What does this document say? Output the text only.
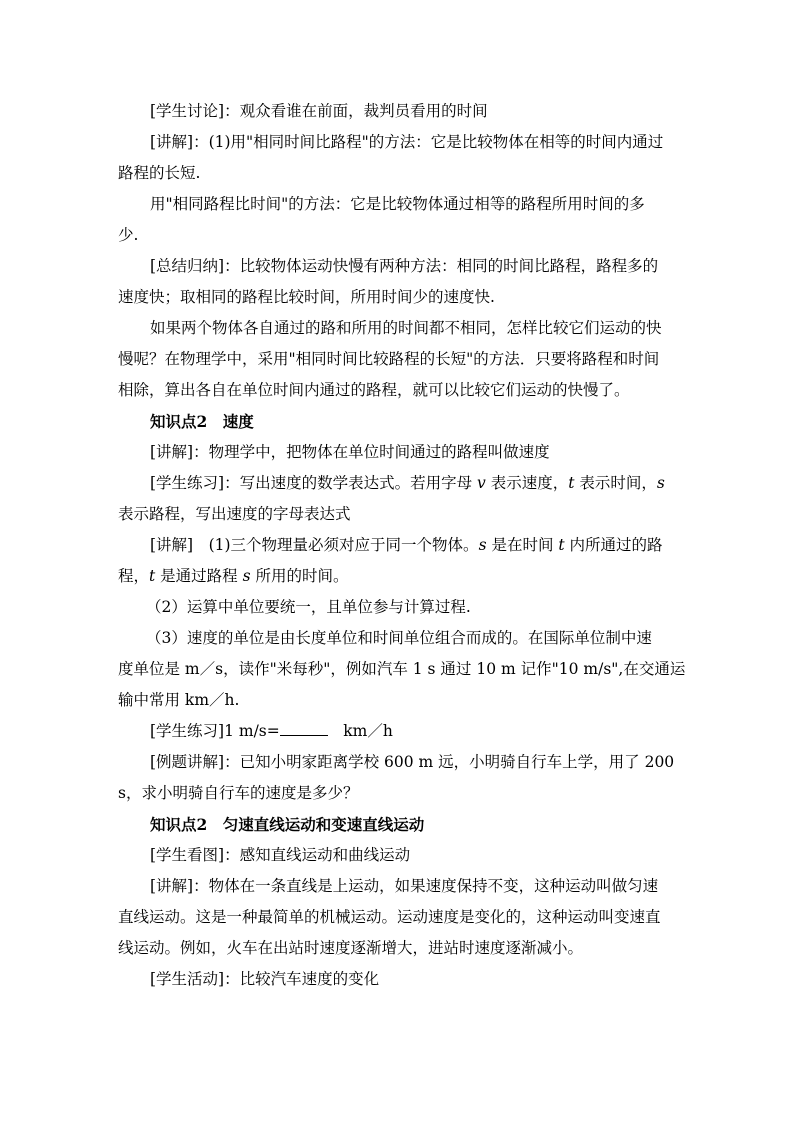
[学生讨论]：观众看谁在前面，裁判员看用的时间

[讲解]：(1)用"相同时间比路程"的方法：它是比较物体在相等的时间内通过

路程的长短.

用"相同路程比时间"的方法：它是比较物体通过相等的路程所用时间的多

少.

[总结归纳]：比较物体运动快慢有两种方法：相同的时间比路程，路程多的

速度快；取相同的路程比较时间，所用时间少的速度快.

如果两个物体各自通过的路和所用的时间都不相同，怎样比较它们运动的快

慢呢？在物理学中，采用"相同时间比较路程的长短"的方法．只要将路程和时间

相除，算出各自在单位时间内通过的路程，就可以比较它们运动的快慢了。

知识点2　速度

[讲解]：物理学中，把物体在单位时间通过的路程叫做速度

[学生练习]：写出速度的数学表达式。若用字母 v 表示速度，t 表示时间，s

表示路程，写出速度的字母表达式

[讲解]　(1)三个物理量必须对应于同一个物体。s 是在时间 t 内所通过的路

程，t 是通过路程 s 所用的时间。

（2）运算中单位要统一，且单位参与计算过程.

（3）速度的单位是由长度单位和时间单位组合而成的。在国际单位制中速

度单位是 m／s，读作"米每秒"，例如汽车 1 s 通过 10 m 记作"10 m/s",在交通运

输中常用 km／h.

[学生练习]1 m/s=	　km／h

[例题讲解]：已知小明家距离学校 600 m 远，小明骑自行车上学，用了 200

s，求小明骑自行车的速度是多少？

知识点2　匀速直线运动和变速直线运动

[学生看图]：感知直线运动和曲线运动

[讲解]：物体在一条直线是上运动，如果速度保持不变，这种运动叫做匀速

直线运动。这是一种最简单的机械运动。运动速度是变化的，这种运动叫变速直

线运动。例如，火车在出站时速度逐渐增大，进站时速度逐渐减小。

[学生活动]：比较汽车速度的变化
